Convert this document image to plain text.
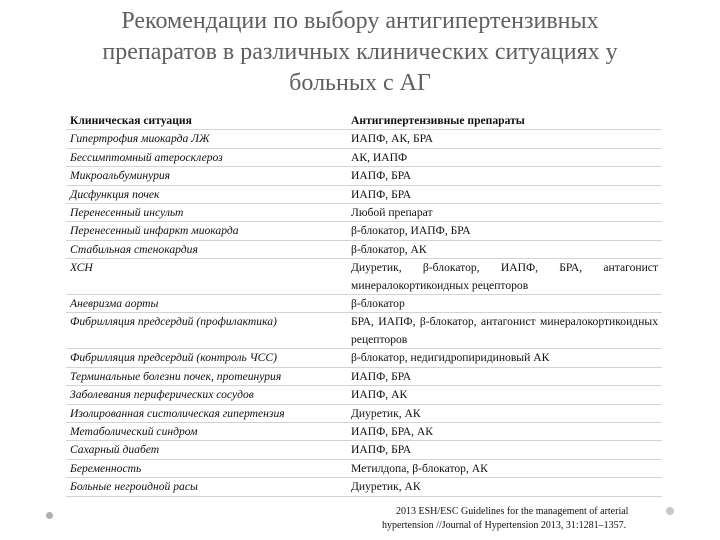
Рекомендации по выбору антигипертензивных
препаратов в различных клинических ситуациях у
больных с АГ
Клиническая ситуация	Антигипертензивные препараты
Гипертрофия миокарда ЛЖ	ИАПФ, АК, БРА
Бессимптомный атеросклероз	АК, ИАПФ
Микроальбуминурия	ИАПФ, БРА
Дисфункция почек	ИАПФ, БРА
Перенесенный инсульт	Любой препарат
Перенесенный инфаркт миокарда	β-блокатор, ИАПФ, БРА
Стабильная стенокардия	β-блокатор, АК
ХСН	Диуретик, β-блокатор, ИАПФ, БРА, антагонист минералокортикоидных рецепторов
Аневризма аорты	β-блокатор
Фибрилляция предсердий (профилактика)	БРА, ИАПФ, β-блокатор, антагонист минералокортикоидных рецепторов
Фибрилляция предсердий (контроль ЧСС)	β-блокатор, недигидропиридиновый АК
Терминальные болезни почек, протеинурия	ИАПФ, БРА
Заболевания периферических сосудов	ИАПФ, АК
Изолированная систолическая гипертензия	Диуретик, АК
Метаболический синдром	ИАПФ, БРА, АК
Сахарный диабет	ИАПФ, БРА
Беременность	Метилдопа, β-блокатор, АК
Больные негроидной расы	Диуретик, АК
2013 ESH/ESC Guidelines for the management of arterial
hypertension //Journal of Hypertension 2013, 31:1281–1357.
